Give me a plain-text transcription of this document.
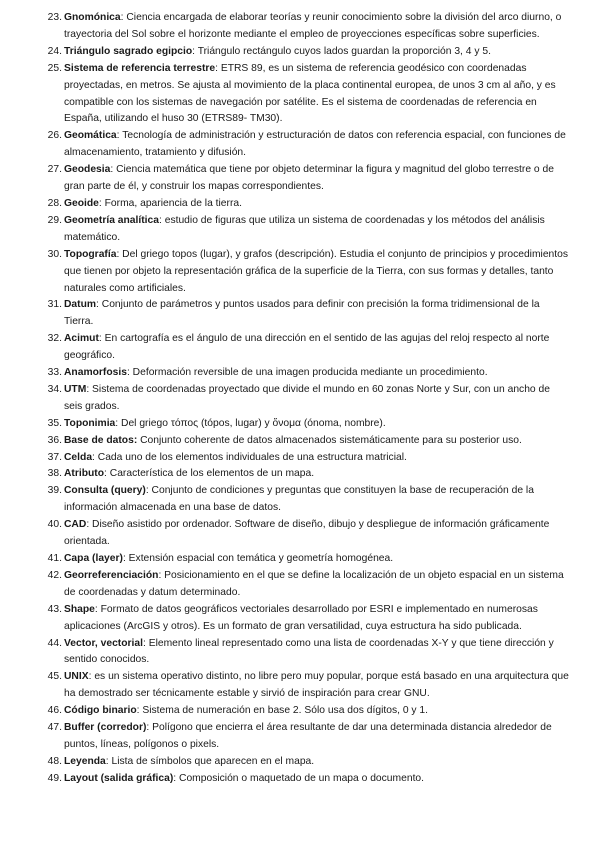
23. Gnomónica: Ciencia encargada de elaborar teorías y reunir conocimiento sobre la división del arco diurno, o trayectoria del Sol sobre el horizonte mediante el empleo de proyecciones específicas sobre superficies.
24. Triángulo sagrado egipcio: Triángulo rectángulo cuyos lados guardan la proporción 3, 4 y 5.
25. Sistema de referencia terrestre: ETRS 89, es un sistema de referencia geodésico con coordenadas proyectadas, en metros. Se ajusta al movimiento de la placa continental europea, de unos 3 cm al año, y es compatible con los sistemas de navegación por satélite. Es el sistema de coordenadas de referencia en España, utilizando el huso 30 (ETRS89- TM30).
26. Geomática: Tecnología de administración y estructuración de datos con referencia espacial, con funciones de almacenamiento, tratamiento y difusión.
27. Geodesia: Ciencia matemática que tiene por objeto determinar la figura y magnitud del globo terrestre o de gran parte de él, y construir los mapas correspondientes.
28. Geoide: Forma, apariencia de la tierra.
29. Geometría analítica: estudio de figuras que utiliza un sistema de coordenadas y los métodos del análisis matemático.
30. Topografía: Del griego topos (lugar), y grafos (descripción). Estudia el conjunto de principios y procedimientos que tienen por objeto la representación gráfica de la superficie de la Tierra, con sus formas y detalles, tanto naturales como artificiales.
31. Datum: Conjunto de parámetros y puntos usados para definir con precisión la forma tridimensional de la Tierra.
32. Acimut: En cartografía es el ángulo de una dirección en el sentido de las agujas del reloj respecto al norte geográfico.
33. Anamorfosis: Deformación reversible de una imagen producida mediante un procedimiento.
34. UTM: Sistema de coordenadas proyectado que divide el mundo en 60 zonas Norte y Sur, con un ancho de seis grados.
35. Toponimia: Del griego τόπος (tópos, lugar) y ὄνομα (ónoma, nombre).
36. Base de datos: Conjunto coherente de datos almacenados sistemáticamente para su posterior uso.
37. Celda: Cada uno de los elementos individuales de una estructura matricial.
38. Atributo: Característica de los elementos de un mapa.
39. Consulta (query): Conjunto de condiciones y preguntas que constituyen la base de recuperación de la información almacenada en una base de datos.
40. CAD: Diseño asistido por ordenador. Software de diseño, dibujo y despliegue de información gráficamente orientada.
41. Capa (layer): Extensión espacial con temática y geometría homogénea.
42. Georreferenciación: Posicionamiento en el que se define la localización de un objeto espacial en un sistema de coordenadas y datum determinado.
43. Shape: Formato de datos geográficos vectoriales desarrollado por ESRI e implementado en numerosas aplicaciones (ArcGIS y otros). Es un formato de gran versatilidad, cuya estructura ha sido publicada.
44. Vector, vectorial: Elemento lineal representado como una lista de coordenadas X-Y y que tiene dirección y sentido conocidos.
45. UNIX: es un sistema operativo distinto, no libre pero muy popular, porque está basado en una arquitectura que ha demostrado ser técnicamente estable y sirvió de inspiración para crear GNU.
46. Código binario: Sistema de numeración en base 2. Sólo usa dos dígitos, 0 y 1.
47. Buffer (corredor): Polígono que encierra el área resultante de dar una determinada distancia alrededor de puntos, líneas, polígonos o pixels.
48. Leyenda: Lista de símbolos que aparecen en el mapa.
49. Layout (salida gráfica): Composición o maquetado de un mapa o documento.
